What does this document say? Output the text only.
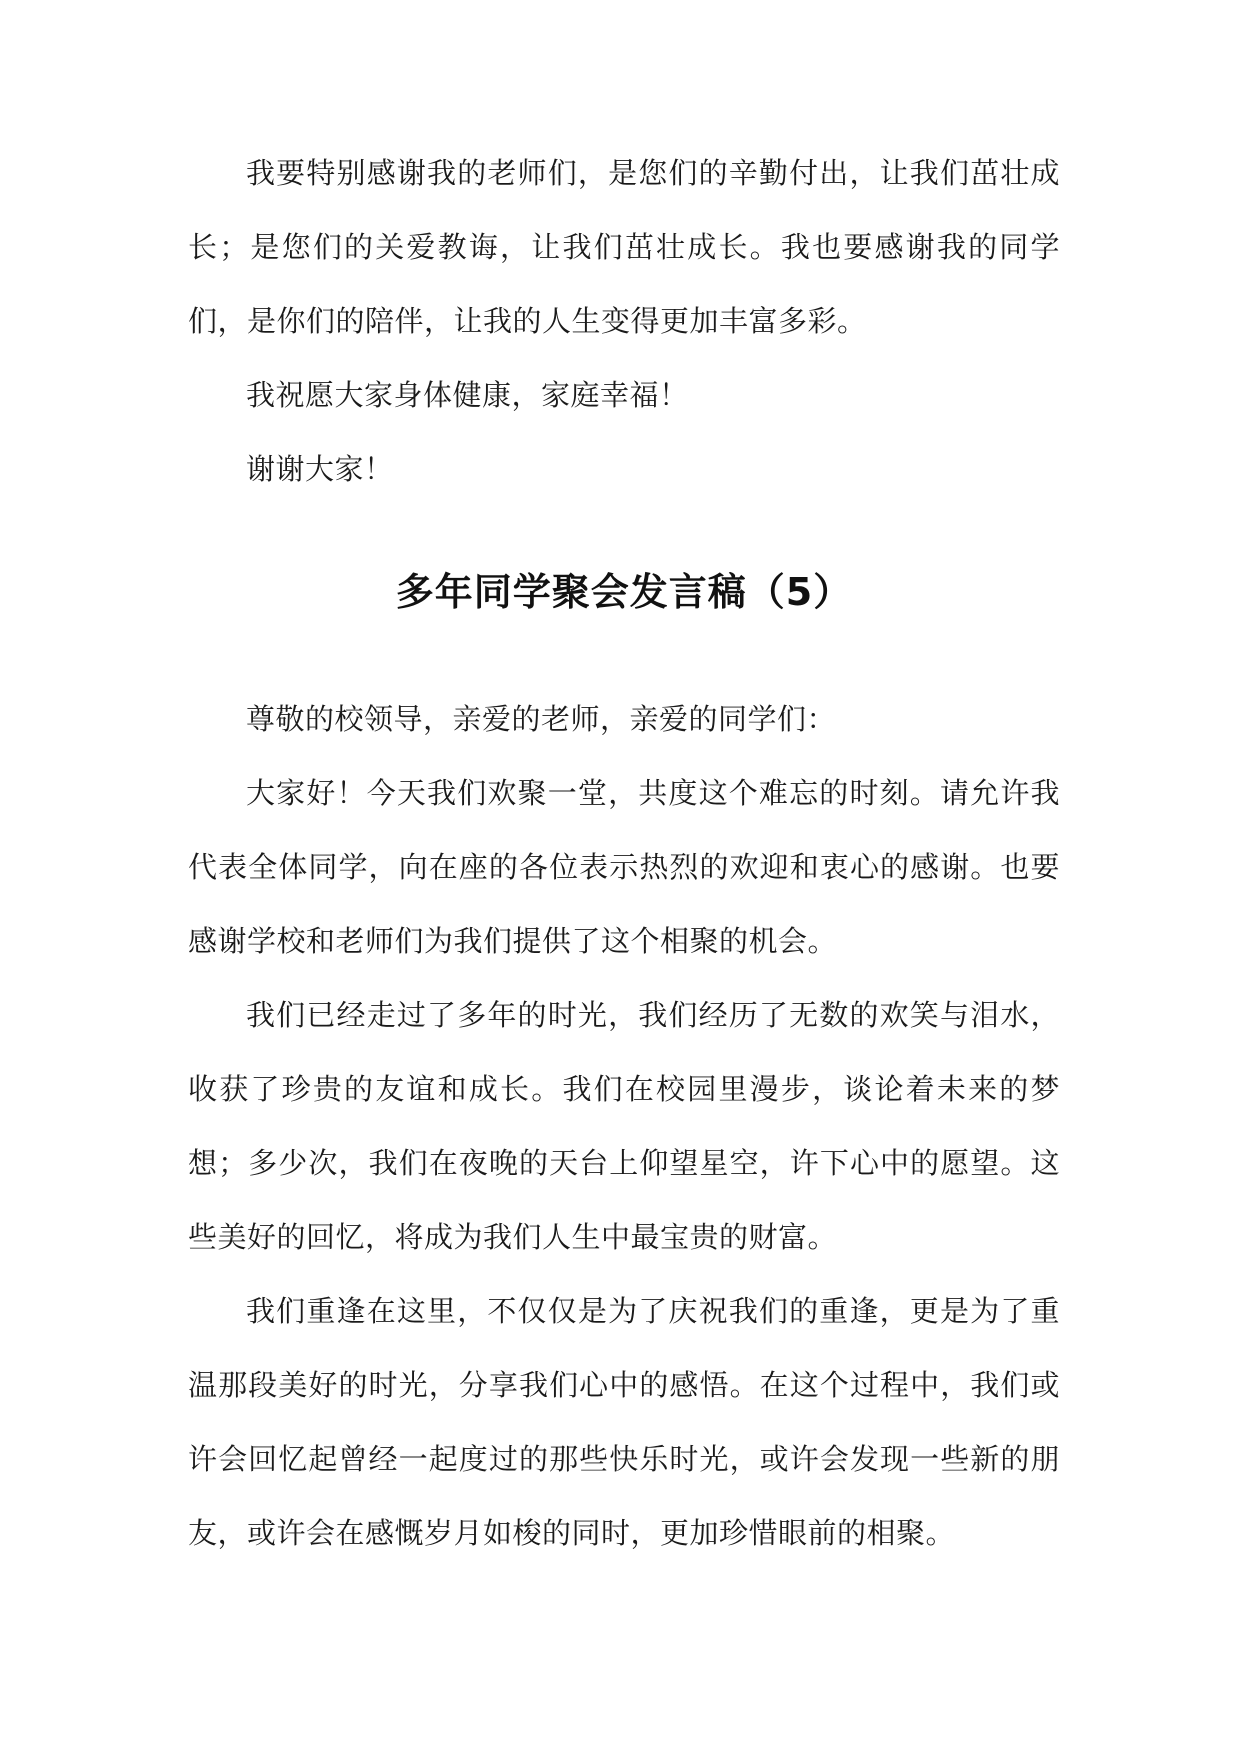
我要特别感谢我的老师们，是您们的辛勤付出，让我们茁壮成长；是您们的关爱教诲，让我们茁壮成长。我也要感谢我的同学们，是你们的陪伴，让我的人生变得更加丰富多彩。

我祝愿大家身体健康，家庭幸福！

谢谢大家！

多年同学聚会发言稿（5）

尊敬的校领导，亲爱的老师，亲爱的同学们：

大家好！今天我们欢聚一堂，共度这个难忘的时刻。请允许我代表全体同学，向在座的各位表示热烈的欢迎和衷心的感谢。也要感谢学校和老师们为我们提供了这个相聚的机会。

我们已经走过了多年的时光，我们经历了无数的欢笑与泪水，收获了珍贵的友谊和成长。我们在校园里漫步，谈论着未来的梦想；多少次，我们在夜晚的天台上仰望星空，许下心中的愿望。这些美好的回忆，将成为我们人生中最宝贵的财富。

我们重逢在这里，不仅仅是为了庆祝我们的重逢，更是为了重温那段美好的时光，分享我们心中的感悟。在这个过程中，我们或许会回忆起曾经一起度过的那些快乐时光，或许会发现一些新的朋友，或许会在感慨岁月如梭的同时，更加珍惜眼前的相聚。
